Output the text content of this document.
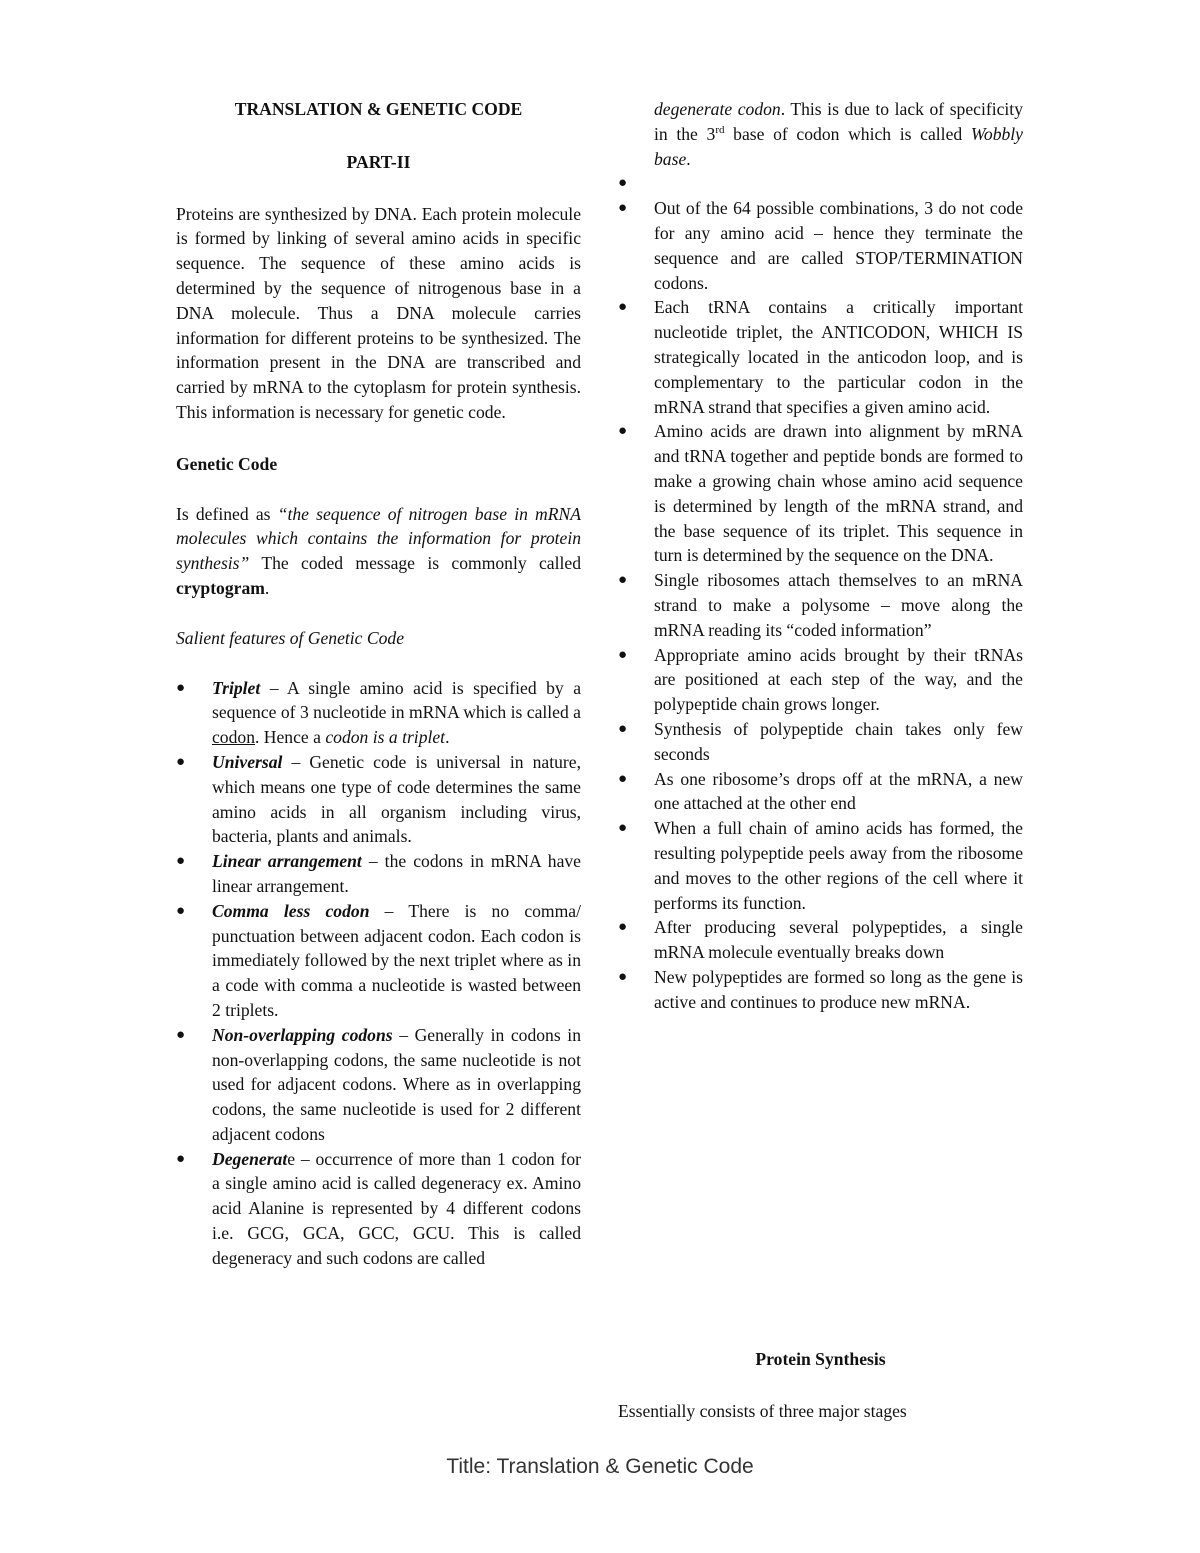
TRANSLATION & GENETIC CODE

PART-II

Proteins are synthesized by DNA. Each protein molecule is formed by linking of several amino acids in specific sequence. The sequence of these amino acids is determined by the sequence of nitrogenous base in a DNA molecule. Thus a DNA molecule carries information for different proteins to be synthesized. The information present in the DNA are transcribed and carried by mRNA to the cytoplasm for protein synthesis. This information is necessary for genetic code.

Genetic Code

Is defined as “the sequence of nitrogen base in mRNA molecules which contains the information for protein synthesis” The coded message is commonly called cryptogram.

Salient features of Genetic Code

● Triplet – A single amino acid is specified by a sequence of 3 nucleotide in mRNA which is called a codon. Hence a codon is a triplet.
● Universal – Genetic code is universal in nature, which means one type of code determines the same amino acids in all organism including virus, bacteria, plants and animals.
● Linear arrangement – the codons in mRNA have linear arrangement.
● Comma less codon – There is no comma/ punctuation between adjacent codon. Each codon is immediately followed by the next triplet where as in a code with comma a nucleotide is wasted between 2 triplets.
● Non-overlapping codons – Generally in codons in non-overlapping codons, the same nucleotide is not used for adjacent codons. Where as in overlapping codons, the same nucleotide is used for 2 different adjacent codons
● Degenerate – occurrence of more than 1 codon for a single amino acid is called degeneracy ex. Amino acid Alanine is represented by 4 different codons i.e. GCG, GCA, GCC, GCU. This is called degeneracy and such codons are called

degenerate codon. This is due to lack of specificity in the 3rd base of codon which is called Wobbly base.

●
● Out of the 64 possible combinations, 3 do not code for any amino acid – hence they terminate the sequence and are called STOP/TERMINATION codons.
● Each tRNA contains a critically important nucleotide triplet, the ANTICODON, WHICH IS strategically located in the anticodon loop, and is complementary to the particular codon in the mRNA strand that specifies a given amino acid.
● Amino acids are drawn into alignment by mRNA and tRNA together and peptide bonds are formed to make a growing chain whose amino acid sequence is determined by length of the mRNA strand, and the base sequence of its triplet. This sequence in turn is determined by the sequence on the DNA.
● Single ribosomes attach themselves to an mRNA strand to make a polysome – move along the mRNA reading its “coded information”
● Appropriate amino acids brought by their tRNAs are positioned at each step of the way, and the polypeptide chain grows longer.
● Synthesis of polypeptide chain takes only few seconds
● As one ribosome’s drops off at the mRNA, a new one attached at the other end
● When a full chain of amino acids has formed, the resulting polypeptide peels away from the ribosome and moves to the other regions of the cell where it performs its function.
● After producing several polypeptides, a single mRNA molecule eventually breaks down
● New polypeptides are formed so long as the gene is active and continues to produce new mRNA.

Protein Synthesis

Essentially consists of three major stages

Title: Translation & Genetic Code
